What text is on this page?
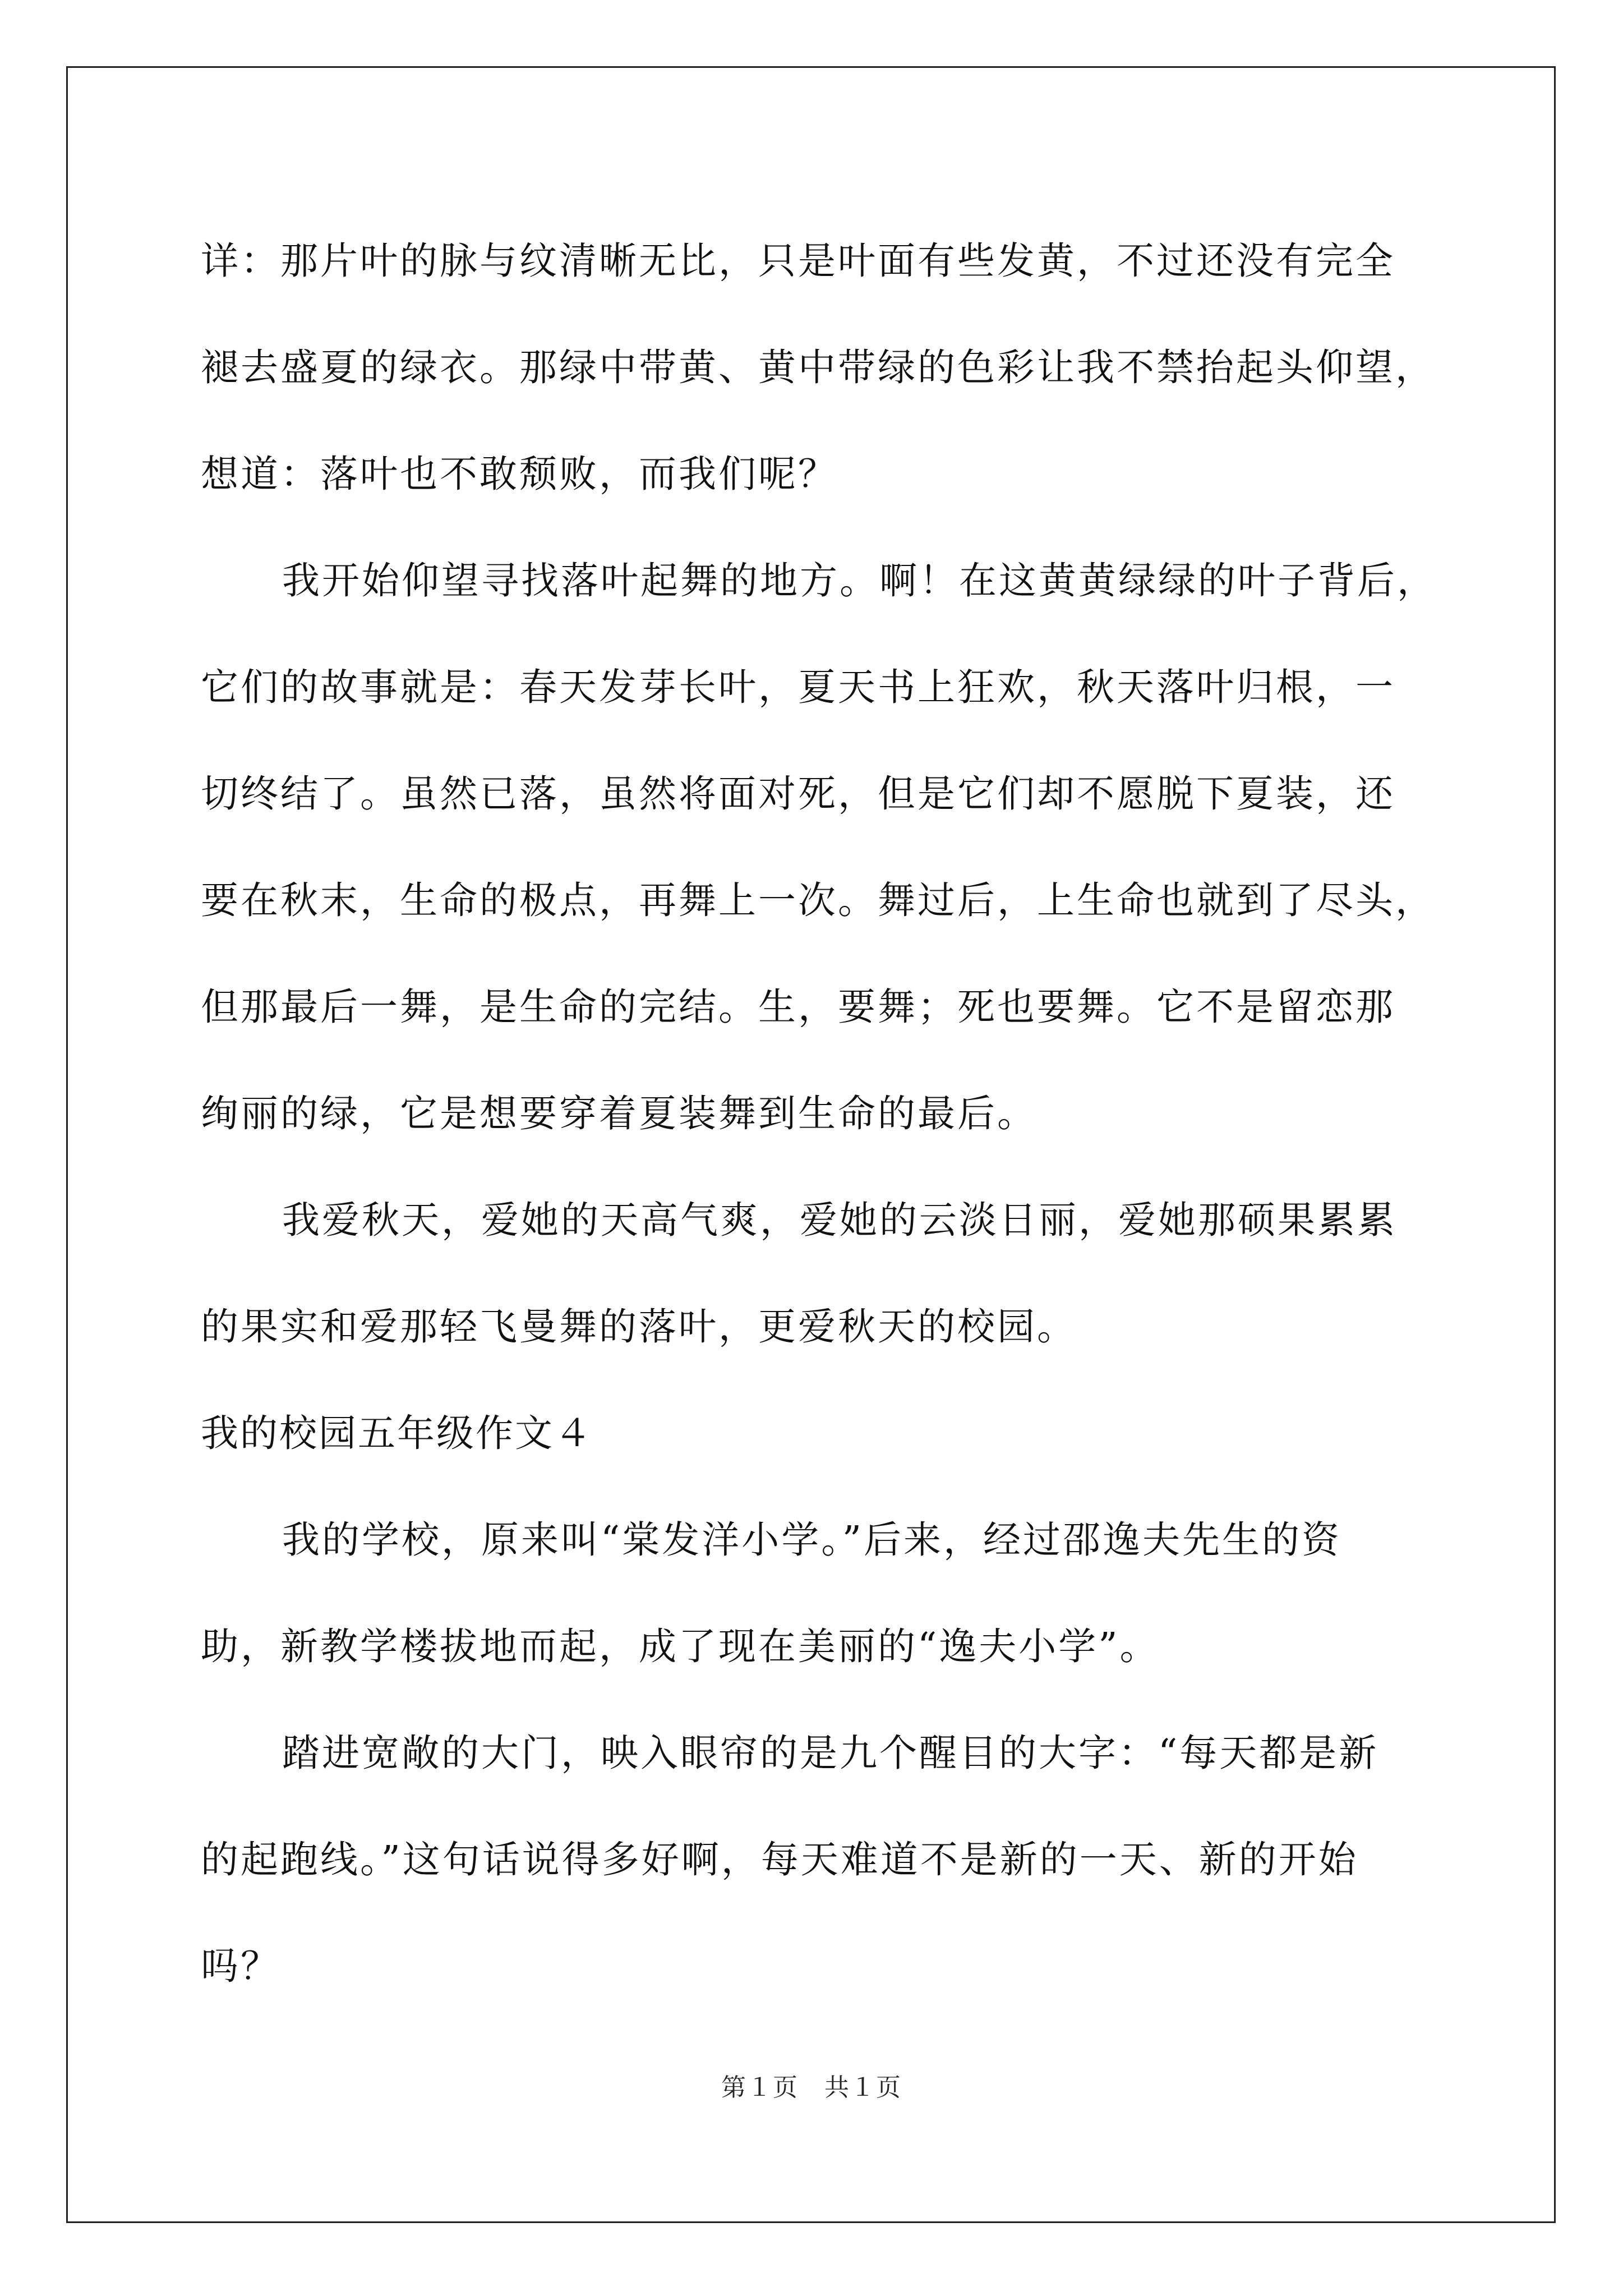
详：那片叶的脉与纹清晰无比，只是叶面有些发黄，不过还没有完全

褪去盛夏的绿衣。那绿中带黄、黄中带绿的色彩让我不禁抬起头仰望，

想道：落叶也不敢颓败，而我们呢？

我开始仰望寻找落叶起舞的地方。啊！在这黄黄绿绿的叶子背后，

它们的故事就是：春天发芽长叶，夏天书上狂欢，秋天落叶归根，一

切终结了。虽然已落，虽然将面对死，但是它们却不愿脱下夏装，还

要在秋末，生命的极点，再舞上一次。舞过后，上生命也就到了尽头，

但那最后一舞，是生命的完结。生，要舞；死也要舞。它不是留恋那

绚丽的绿，它是想要穿着夏装舞到生命的最后。

我爱秋天，爱她的天高气爽，爱她的云淡日丽，爱她那硕果累累

的果实和爱那轻飞曼舞的落叶，更爱秋天的校园。

我的校园五年级作文４

我的学校，原来叫“棠发洋小学。”后来，经过邵逸夫先生的资

助，新教学楼拔地而起，成了现在美丽的“逸夫小学”。

踏进宽敞的大门，映入眼帘的是九个醒目的大字：“每天都是新

的起跑线。”这句话说得多好啊，每天难道不是新的一天、新的开始

吗？

第１页　共１页
